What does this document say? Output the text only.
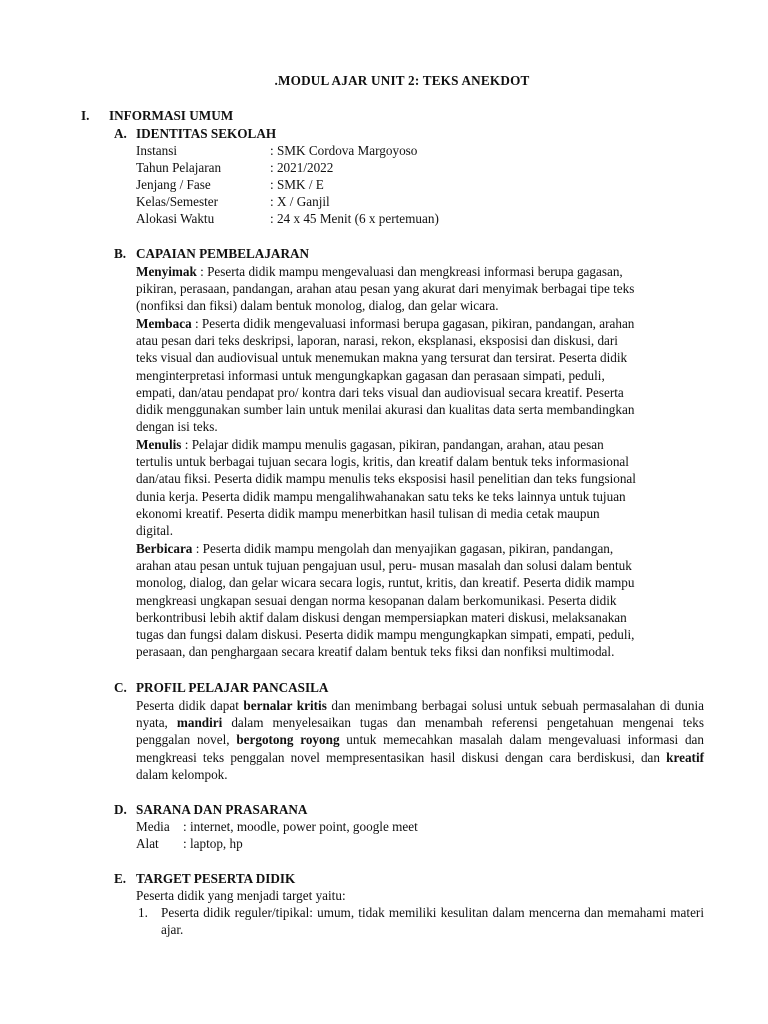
.MODUL AJAR UNIT 2: TEKS ANEKDOT
I. INFORMASI UMUM
A. IDENTITAS SEKOLAH
Instansi	: SMK Cordova Margoyoso
Tahun Pelajaran	: 2021/2022
Jenjang / Fase	: SMK / E
Kelas/Semester	: X / Ganjil
Alokasi Waktu	: 24 x 45 Menit (6 x pertemuan)
B. CAPAIAN PEMBELAJARAN
Menyimak : Peserta didik mampu mengevaluasi dan mengkreasi informasi berupa gagasan,
pikiran, perasaan, pandangan, arahan atau pesan yang akurat dari menyimak berbagai tipe teks
(nonfiksi dan fiksi) dalam bentuk monolog, dialog, dan gelar wicara.
Membaca : Peserta didik mengevaluasi informasi berupa gagasan, pikiran, pandangan, arahan
atau pesan dari teks deskripsi, laporan, narasi, rekon, eksplanasi, eksposisi dan diskusi, dari
teks visual dan audiovisual untuk menemukan makna yang tersurat dan tersirat. Peserta didik
menginterpretasi informasi untuk mengungkapkan gagasan dan perasaan simpati, peduli,
empati, dan/atau pendapat pro/ kontra dari teks visual dan audiovisual secara kreatif. Peserta
didik menggunakan sumber lain untuk menilai akurasi dan kualitas data serta membandingkan
dengan isi teks.
Menulis : Pelajar didik mampu menulis gagasan, pikiran, pandangan, arahan, atau pesan
tertulis untuk berbagai tujuan secara logis, kritis, dan kreatif dalam bentuk teks informasional
dan/atau fiksi. Peserta didik mampu menulis teks eksposisi hasil penelitian dan teks fungsional
dunia kerja. Peserta didik mampu mengalihwahanakan satu teks ke teks lainnya untuk tujuan
ekonomi kreatif. Peserta didik mampu menerbitkan hasil tulisan di media cetak maupun
digital.
Berbicara : Peserta didik mampu mengolah dan menyajikan gagasan, pikiran, pandangan,
arahan atau pesan untuk tujuan pengajuan usul, peru- musan masalah dan solusi dalam bentuk
monolog, dialog, dan gelar wicara secara logis, runtut, kritis, dan kreatif. Peserta didik mampu
mengkreasi ungkapan sesuai dengan norma kesopanan dalam berkomunikasi. Peserta didik
berkontribusi lebih aktif dalam diskusi dengan mempersiapkan materi diskusi, melaksanakan
tugas dan fungsi dalam diskusi. Peserta didik mampu mengungkapkan simpati, empati, peduli,
perasaan, dan penghargaan secara kreatif dalam bentuk teks fiksi dan nonfiksi multimodal.
C. PROFIL PELAJAR PANCASILA

Peserta didik dapat bernalar kritis dan menimbang berbagai solusi untuk sebuah permasalahan di dunia nyata, mandiri dalam menyelesaikan tugas dan menambah referensi pengetahuan mengenai teks penggalan novel, bergotong royong untuk memecahkan masalah dalam mengevaluasi informasi dan mengkreasi teks penggalan novel mempresentasikan hasil diskusi dengan cara berdiskusi, dan kreatif dalam kelompok.

D. SARANA DAN PRASARANA
Media : internet, moodle, power point, google meet
Alat : laptop, hp
E. TARGET PESERTA DIDIK
Peserta didik yang menjadi target yaitu:
1. Peserta didik reguler/tipikal: umum, tidak memiliki kesulitan dalam mencerna dan memahami materi ajar.
